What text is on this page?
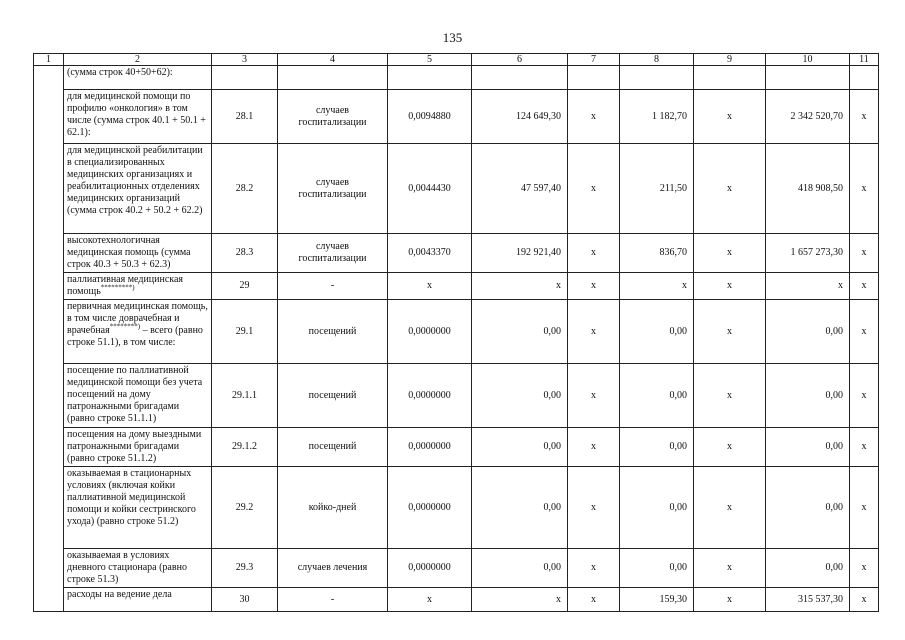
135
1	2	3	4	5	6	7	8	9	10	11
	(сумма строк 40+50+62):									
	для медицинской помощи по профилю «онкология» в том числе (сумма строк 40.1 + 50.1 + 62.1):	28.1	случаев госпитализации	0,0094880	124 649,30	х	1 182,70	х	2 342 520,70	х
	для медицинской реабилитации в специализированных медицинских организациях и реабилитационных отделениях медицинских организаций (сумма строк 40.2 + 50.2 + 62.2)	28.2	случаев госпитализации	0,0044430	47 597,40	х	211,50	х	418 908,50	х
	высокотехнологичная медицинская помощь (сумма строк 40.3 + 50.3 + 62.3)	28.3	случаев госпитализации	0,0043370	192 921,40	х	836,70	х	1 657 273,30	х
	паллиативная медицинская помощь*********)	29	-	х	х	х	х	х	х	х
	первичная медицинская помощь, в том числе доврачебная и врачебная********) – всего (равно строке 51.1), в том числе:	29.1	посещений	0,0000000	0,00	х	0,00	х	0,00	х
	посещение по паллиативной медицинской помощи без учета посещений на дому патронажными бригадами (равно строке 51.1.1)	29.1.1	посещений	0,0000000	0,00	х	0,00	х	0,00	х
	посещения на дому выездными патронажными бригадами (равно строке 51.1.2)	29.1.2	посещений	0,0000000	0,00	х	0,00	х	0,00	х
	оказываемая в стационарных условиях (включая койки паллиативной медицинской помощи и койки сестринского ухода) (равно строке 51.2)	29.2	койко-дней	0,0000000	0,00	х	0,00	х	0,00	х
	оказываемая в условиях дневного стационара (равно строке 51.3)	29.3	случаев лечения	0,0000000	0,00	х	0,00	х	0,00	х
	расходы на ведение дела	30	-	х	х	х	159,30	х	315 537,30	х
